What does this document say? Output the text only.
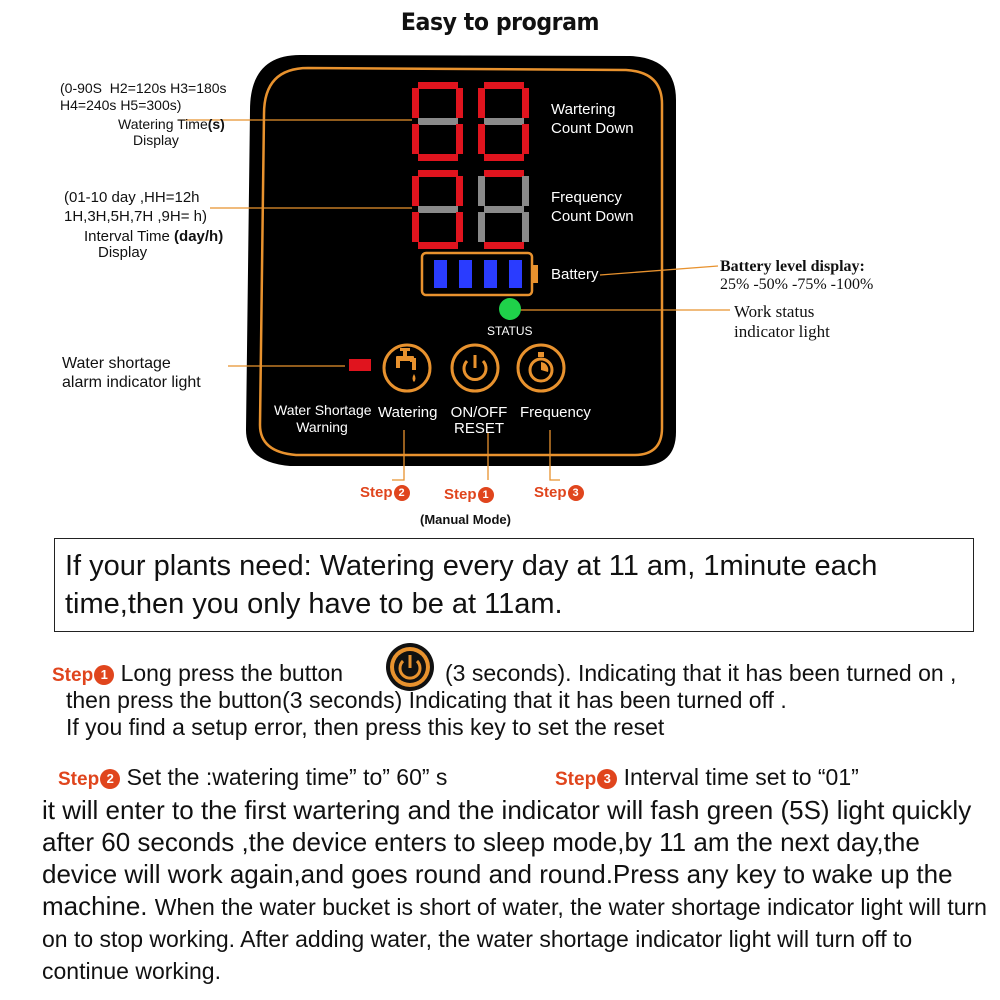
Easy to program
(0-90S  H2=120s H3=180s
H4=240s H5=300s)
Watering Time(s)
Display
(01-10 day ,HH=12h
1H,3H,5H,7H ,9H= h)
Interval Time (day/h)
Display
Water shortage
alarm indicator light
Battery level display:
25% -50% -75% -100%
Work status
indicator light
Wartering
Count Down
Frequency
Count Down
Battery
STATUS
Water Shortage
Warning
Watering ON/OFF
RESET
Frequency
Step 2	Step 1	Step 3
(Manual Mode)
If your plants need: Watering every day at 11 am, 1minute each time,then you only have to be at 11am.
Step 1 Long press the button	(3 seconds). Indicating that it has been turned on ,
then press the button(3 seconds) Indicating that it has been turned off .
If you find a setup error, then press this key to set the reset
Step 2 Set the :watering time” to” 60” s	Step 3 Interval time set to “01”
it will enter to the first wartering and the indicator will fash green (5S) light quickly after 60 seconds ,the device enters to sleep mode,by 11 am the next day,the device will work again,and goes round and round.Press any key to wake up the machine. When the water bucket is short of water, the water shortage indicator light will turn on to stop working. After adding water, the water shortage indicator light will turn off to continue working.
